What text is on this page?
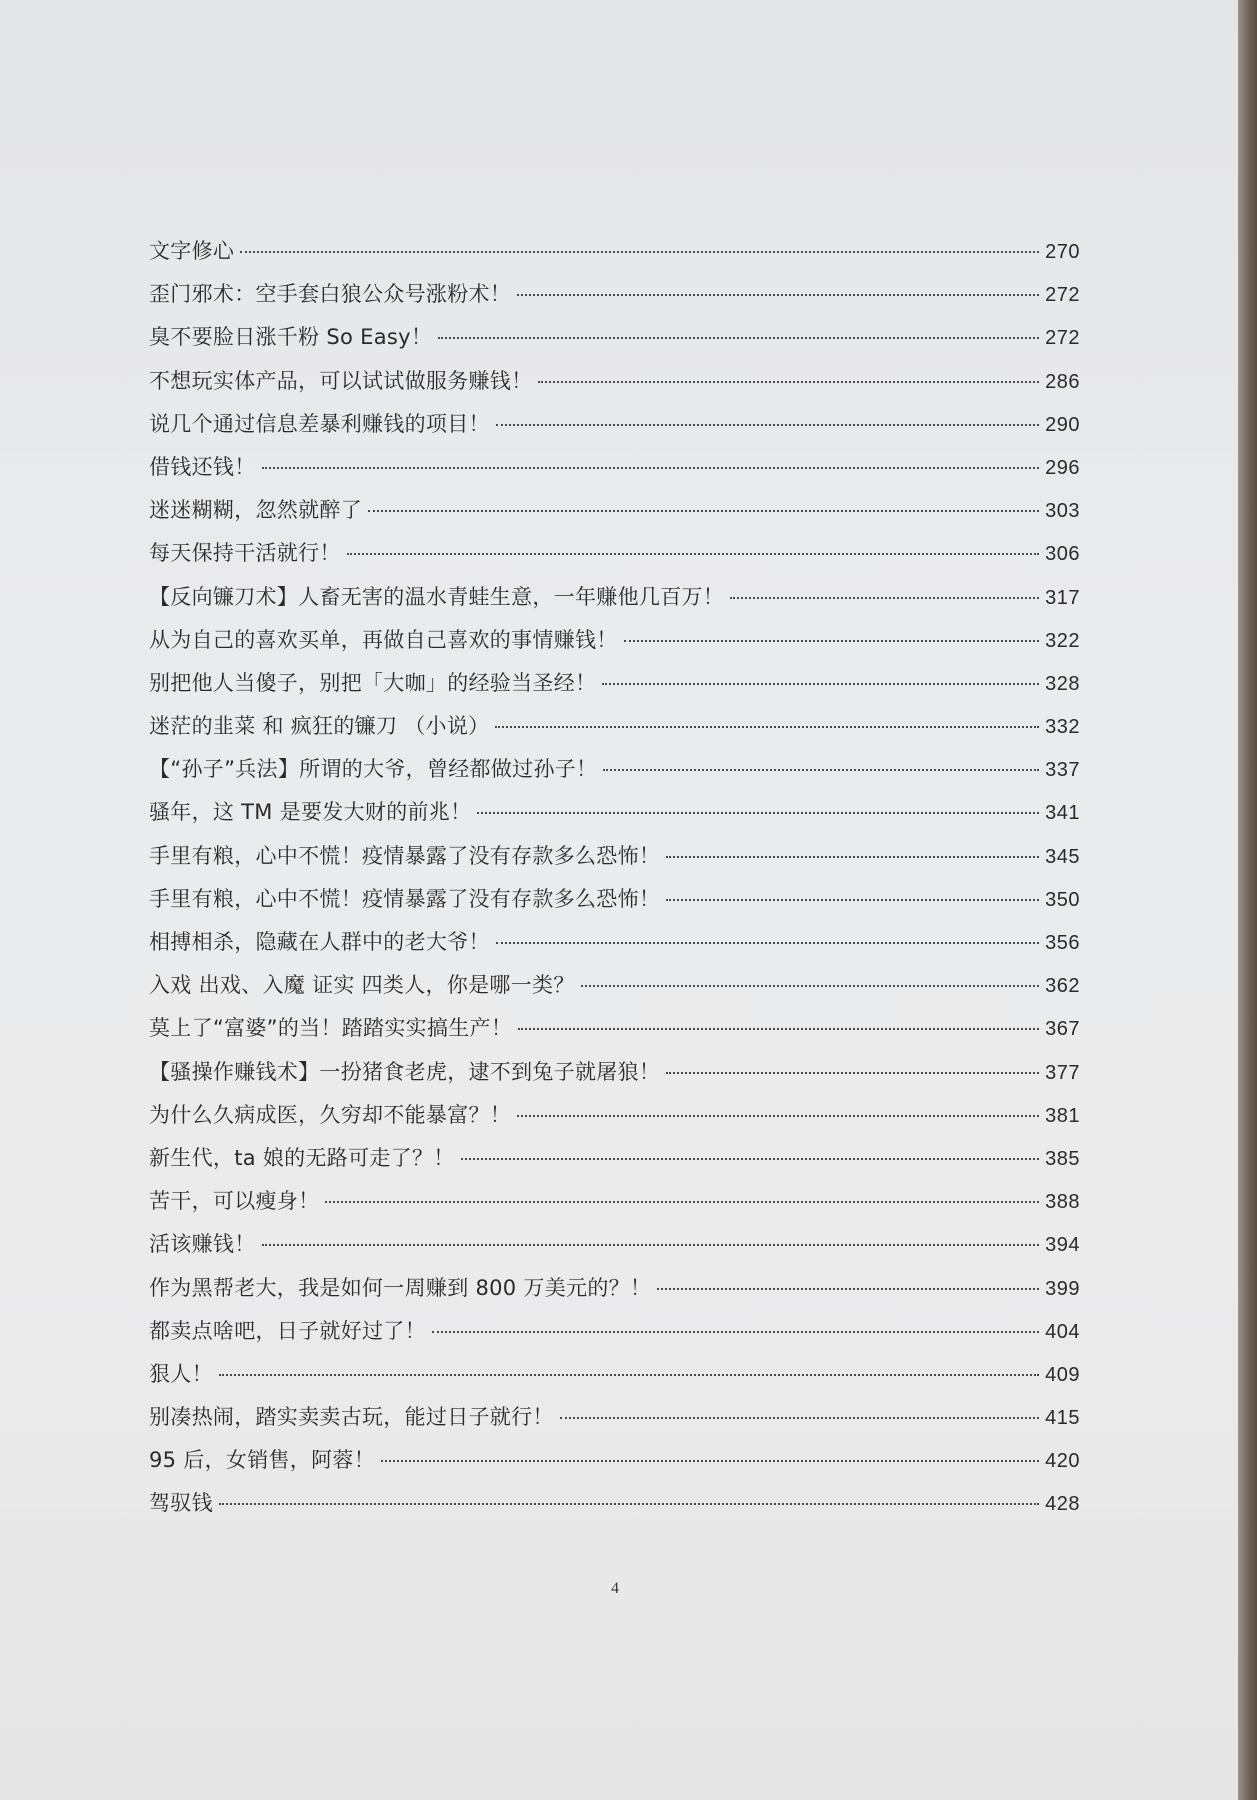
文字修心	270
歪门邪术：空手套白狼公众号涨粉术！	272
臭不要脸日涨千粉 So Easy！	272
不想玩实体产品，可以试试做服务赚钱！	286
说几个通过信息差暴利赚钱的项目！	290
借钱还钱！	296
迷迷糊糊，忽然就醉了	303
每天保持干活就行！	306
【反向镰刀术】人畜无害的温水青蛙生意，一年赚他几百万！	317
从为自己的喜欢买单，再做自己喜欢的事情赚钱！	322
别把他人当傻子，别把「大咖」的经验当圣经！	328
迷茫的韭菜 和 疯狂的镰刀 （小说）	332
【“孙子”兵法】所谓的大爷，曾经都做过孙子！	337
骚年，这 TM 是要发大财的前兆！	341
手里有粮，心中不慌！疫情暴露了没有存款多么恐怖！	345
手里有粮，心中不慌！疫情暴露了没有存款多么恐怖！	350
相搏相杀，隐藏在人群中的老大爷！	356
入戏 出戏、入魔 证实 四类人，你是哪一类？	362
莫上了“富婆”的当！踏踏实实搞生产！	367
【骚操作赚钱术】一扮猪食老虎，逮不到兔子就屠狼！	377
为什么久病成医，久穷却不能暴富？！	381
新生代，ta 娘的无路可走了？！	385
苦干，可以瘦身！	388
活该赚钱！	394
作为黑帮老大，我是如何一周赚到 800 万美元的？！	399
都卖点啥吧，日子就好过了！	404
狠人！	409
别凑热闹，踏实卖卖古玩，能过日子就行！	415
95 后，女销售，阿蓉！	420
驾驭钱	428
4
